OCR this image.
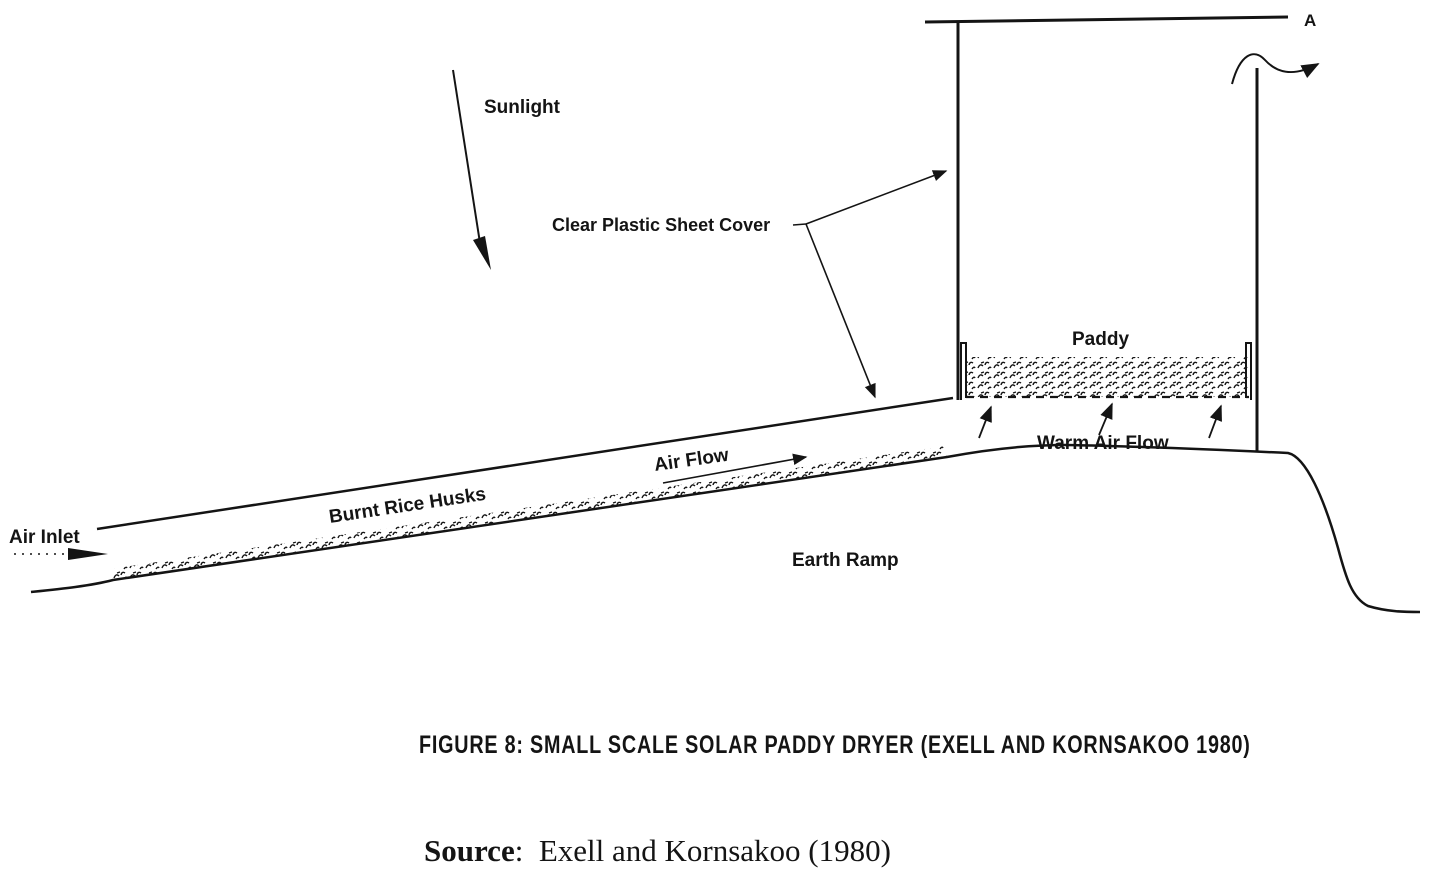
Sunlight
Clear Plastic Sheet Cover
Paddy
Warm Air Flow
Air Flow
Burnt Rice Husks
Earth Ramp
Air Inlet
A
FIGURE 8: SMALL SCALE SOLAR PADDY DRYER (EXELL AND KORNSAKOO 1980)
Source:  Exell and Kornsakoo (1980)
